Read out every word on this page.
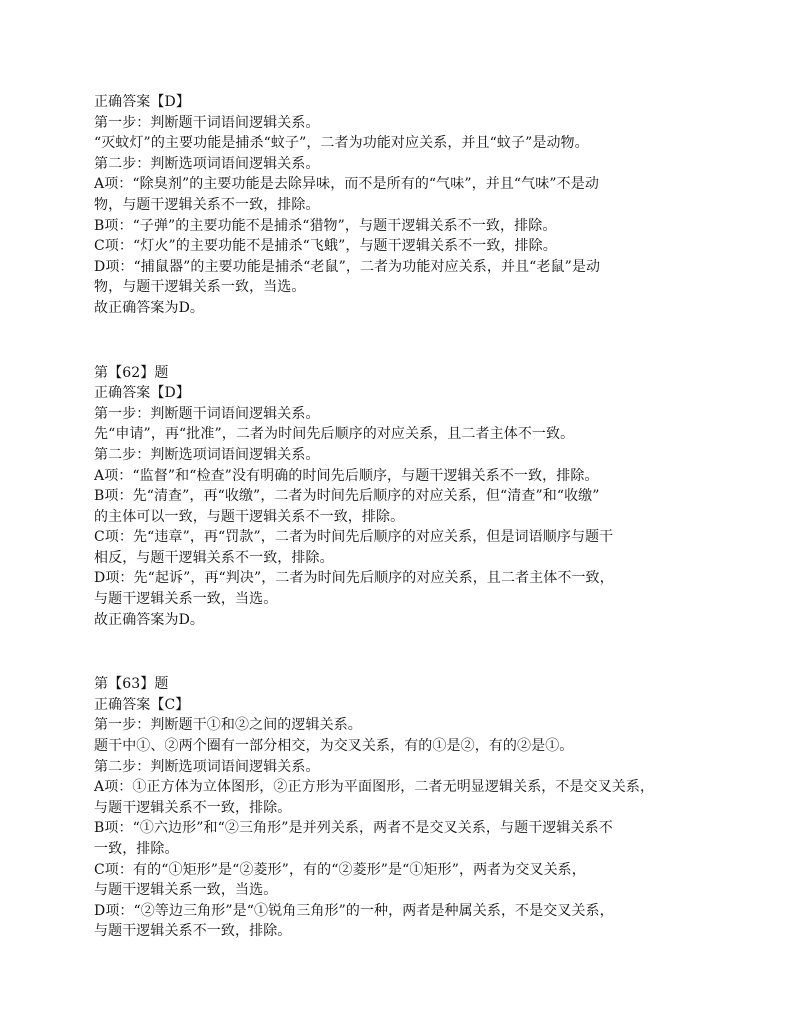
正确答案【D】
第一步：判断题干词语间逻辑关系。
“灭蚊灯”的主要功能是捕杀“蚊子”，二者为功能对应关系，并且“蚊子”是动物。
第二步：判断选项词语间逻辑关系。
A项：“除臭剂”的主要功能是去除异味，而不是所有的“气味”，并且“气味”不是动
物，与题干逻辑关系不一致，排除。
B项：“子弹”的主要功能不是捕杀“猎物”，与题干逻辑关系不一致，排除。
C项：“灯火”的主要功能不是捕杀“飞蛾”，与题干逻辑关系不一致，排除。
D项：“捕鼠器”的主要功能是捕杀“老鼠”，二者为功能对应关系，并且“老鼠”是动
物，与题干逻辑关系一致，当选。
故正确答案为D。
第【62】题
正确答案【D】
第一步：判断题干词语间逻辑关系。
先“申请”，再“批准”，二者为时间先后顺序的对应关系，且二者主体不一致。
第二步：判断选项词语间逻辑关系。
A项：“监督”和“检查”没有明确的时间先后顺序，与题干逻辑关系不一致，排除。
B项：先“清查”，再“收缴”，二者为时间先后顺序的对应关系，但“清查”和“收缴”
的主体可以一致，与题干逻辑关系不一致，排除。
C项：先“违章”，再“罚款”，二者为时间先后顺序的对应关系，但是词语顺序与题干
相反，与题干逻辑关系不一致，排除。
D项：先“起诉”，再“判决”，二者为时间先后顺序的对应关系，且二者主体不一致，
与题干逻辑关系一致，当选。
故正确答案为D。
第【63】题
正确答案【C】
第一步：判断题干①和②之间的逻辑关系。
题干中①、②两个圈有一部分相交，为交叉关系，有的①是②，有的②是①。
第二步：判断选项词语间逻辑关系。
A项：①正方体为立体图形，②正方形为平面图形，二者无明显逻辑关系，不是交叉关系，
与题干逻辑关系不一致，排除。
B项：“①六边形”和“②三角形”是并列关系，两者不是交叉关系，与题干逻辑关系不
一致，排除。
C项：有的“①矩形”是“②菱形”，有的“②菱形”是“①矩形”，两者为交叉关系，
与题干逻辑关系一致，当选。
D项：“②等边三角形”是“①锐角三角形”的一种，两者是种属关系，不是交叉关系，
与题干逻辑关系不一致，排除。
